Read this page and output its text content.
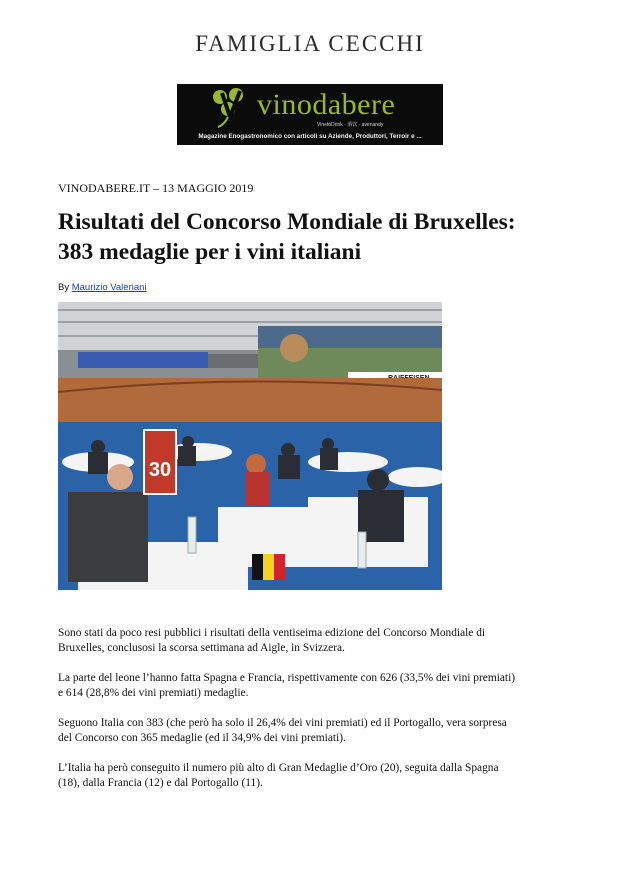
FAMIGLIA CECCHI
vinodabere
VinetoDrink · 酒饮 · avenandy
Magazine Enogastronomico con articoli su Aziende, Produttori, Terroir e ...
VINODABERE.IT – 13 MAGGIO 2019
Risultati del Concorso Mondiale di Bruxelles:
383 medaglie per i vini italiani
By Maurizio Valeriani
30

Sono stati da poco resi pubblici i risultati della ventiseima edizione del Concorso Mondiale di
Bruxelles, conclusosi la scorsa settimana ad Aigle, in Svizzera.

La parte del leone l’hanno fatta Spagna e Francia, rispettivamente con 626 (33,5% dei vini premiati)
e 614 (28,8% dei vini premiati) medaglie.

Seguono Italia con 383 (che però ha solo il 26,4% dei vini premiati) ed il Portogallo, vera sorpresa
del Concorso con 365 medaglie (ed il 34,9% dei vini premiati).

L’Italia ha però conseguito il numero più alto di Gran Medaglie d’Oro (20), seguita dalla Spagna
(18), dalla Francia (12) e dal Portogallo (11).
